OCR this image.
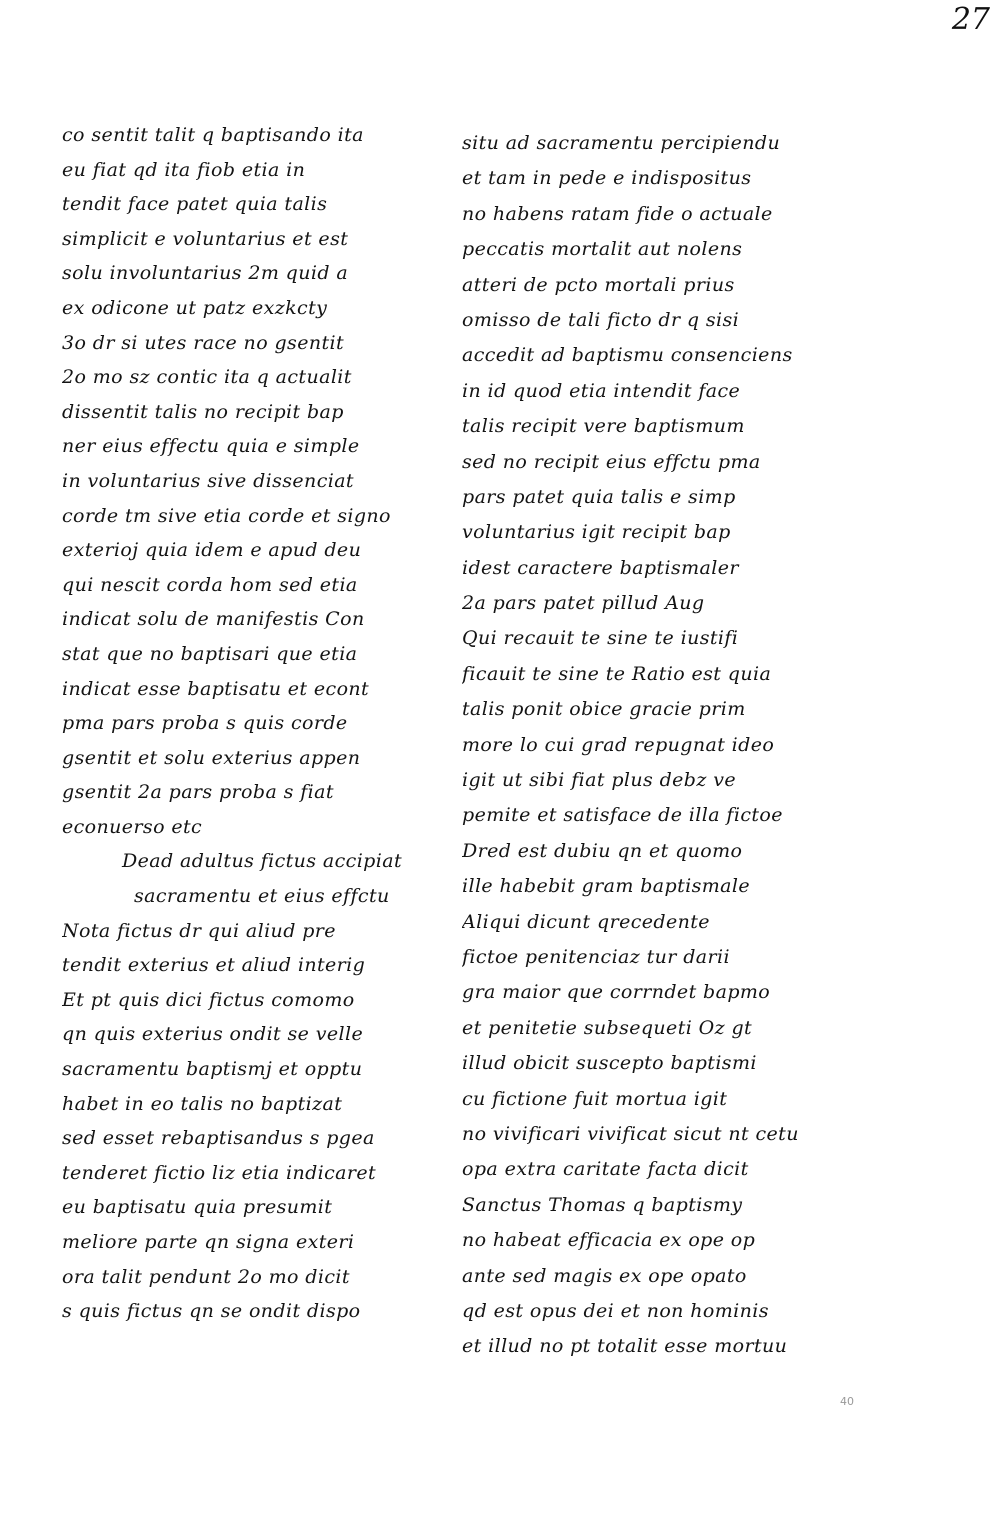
27
co sentit talit q baptisando ita
eu fiat qd ita fiob etia in
tendit face patet quia talis
simplicit e voluntarius et est
solu involuntarius 2m quid a
ex odicone ut patz exzkcty
3o dr si utes race no gsentit
2o mo sz contic ita q actualit
dissentit talis no recipit bap
ner eius effectu quia e simple
in voluntarius sive dissenciat
corde tm sive etia corde et signo
exterioj quia idem e apud deu
qui nescit corda hom sed etia
indicat solu de manifestis Con
stat que no baptisari que etia
indicat esse baptisatu et econt
pma pars proba s quis corde
gsentit et solu exterius appen
gsentit 2a pars proba s fiat
econuerso etc
Dead adultus fictus accipiat
sacramentu et eius effctu
Nota fictus dr qui aliud pre
tendit exterius et aliud interig
Et pt quis dici fictus comomo
qn quis exterius ondit se velle
sacramentu baptismj et opptu
habet in eo talis no baptizat
sed esset rebaptisandus s pgea
tenderet fictio liz etia indicaret
eu baptisatu quia presumit
meliore parte qn signa exteri
ora talit pendunt 2o mo dicit
s quis fictus qn se ondit dispo
situ ad sacramentu percipiendu
et tam in pede e indispositus
no habens ratam fide o actuale
peccatis mortalit aut nolens
atteri de pcto mortali prius
omisso de tali ficto dr q sisi
accedit ad baptismu consenciens
in id quod etia intendit face
talis recipit vere baptismum
sed no recipit eius effctu pma
pars patet quia talis e simp
voluntarius igit recipit bap
idest caractere baptismaler
2a pars patet pillud Aug
Qui recauit te sine te iustifi
ficauit te sine te Ratio est quia
talis ponit obice gracie prim
more lo cui grad repugnat ideo
igit ut sibi fiat plus debz ve
pemite et satisface de illa fictoe
Dred est dubiu qn et quomo
ille habebit gram baptismale
Aliqui dicunt qrecedente
fictoe penitenciaz tur darii
gra maior que corrndet bapmo
et penitetie subsequeti Oz gt
illud obicit suscepto baptismi
cu fictione fuit mortua igit
no vivificari vivificat sicut nt cetu
opa extra caritate facta dicit
Sanctus Thomas q baptismy
no habeat efficacia ex ope op
ante sed magis ex ope opato
qd est opus dei et non hominis
et illud no pt totalit esse mortuu
40
